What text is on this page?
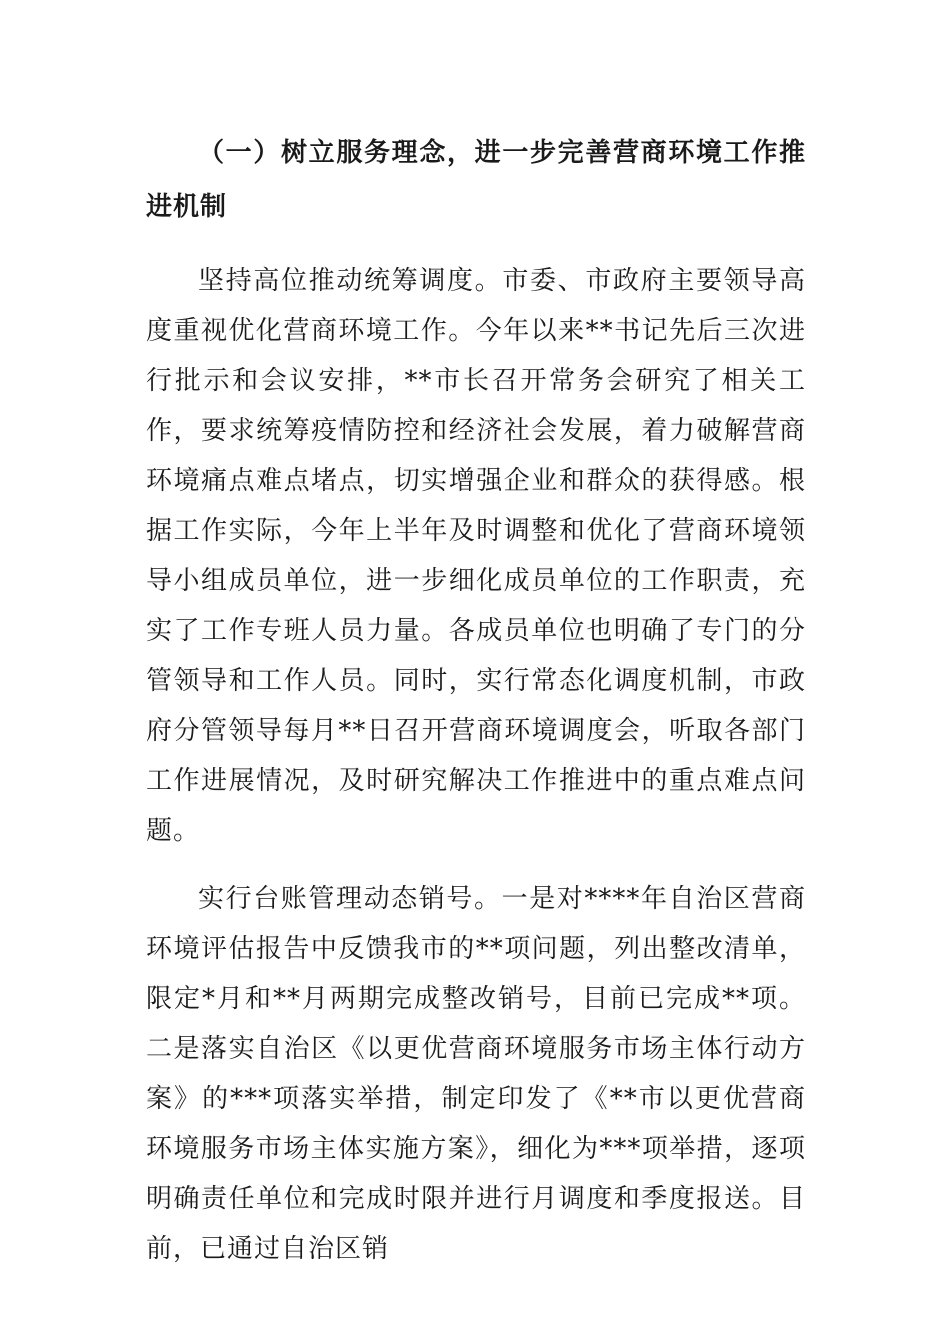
（一）树立服务理念，进一步完善营商环境工作推进机制

坚持高位推动统筹调度。市委、市政府主要领导高度重视优化营商环境工作。今年以来**书记先后三次进行批示和会议安排，**市长召开常务会研究了相关工作，要求统筹疫情防控和经济社会发展，着力破解营商环境痛点难点堵点，切实增强企业和群众的获得感。根据工作实际，今年上半年及时调整和优化了营商环境领导小组成员单位，进一步细化成员单位的工作职责，充实了工作专班人员力量。各成员单位也明确了专门的分管领导和工作人员。同时，实行常态化调度机制，市政府分管领导每月**日召开营商环境调度会，听取各部门工作进展情况，及时研究解决工作推进中的重点难点问题。

实行台账管理动态销号。一是对****年自治区营商环境评估报告中反馈我市的**项问题，列出整改清单，限定*月和**月两期完成整改销号，目前已完成**项。二是落实自治区《以更优营商环境服务市场主体行动方案》的***项落实举措，制定印发了《**市以更优营商环境服务市场主体实施方案》，细化为***项举措，逐项明确责任单位和完成时限并进行月调度和季度报送。目前，已通过自治区销
